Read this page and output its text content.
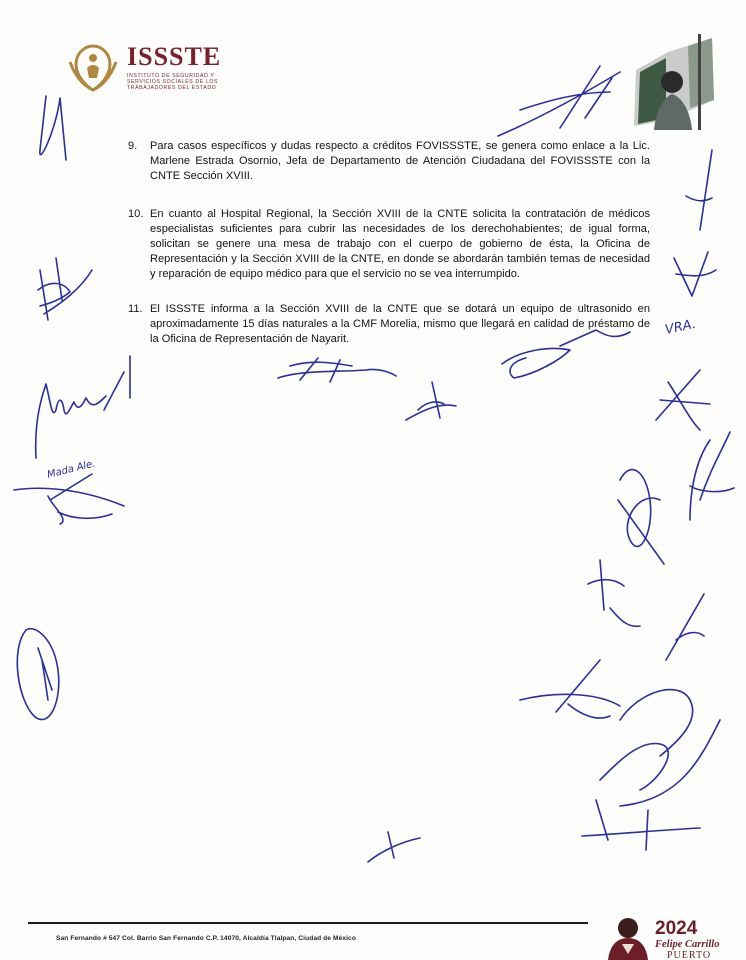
ISSSTE
INSTITUTO DE SEGURIDAD Y SERVICIOS SOCIALES DE LOS TRABAJADORES DEL ESTADO
9. Para casos específicos y dudas respecto a créditos FOVISSSTE, se genera como enlace a la Lic. Marlene Estrada Osornio, Jefa de Departamento de Atención Ciudadana del FOVISSSTE con la CNTE Sección XVIII.
10. En cuanto al Hospital Regional, la Sección XVIII de la CNTE solicita la contratación de médicos especialistas suficientes para cubrir las necesidades de los derechohabientes; de igual forma, solicitan se genere una mesa de trabajo con el cuerpo de gobierno de ésta, la Oficina de Representación y la Sección XVIII de la CNTE, en donde se abordarán también temas de necesidad y reparación de equipo médico para que el servicio no se vea interrumpido.
11. El ISSSTE informa a la Sección XVIII de la CNTE que se dotará un equipo de ultrasonido en aproximadamente 15 días naturales a la CMF Morelia, mismo que llegará en calidad de préstamo de la Oficina de Representación de Nayarit.
VRA.
Mada Ale.
San Fernando # 547 Col. Barrio San Fernando C.P. 14070, Alcaldía Tlalpan, Ciudad de México	2024
Felipe Carrillo
PUERTO
